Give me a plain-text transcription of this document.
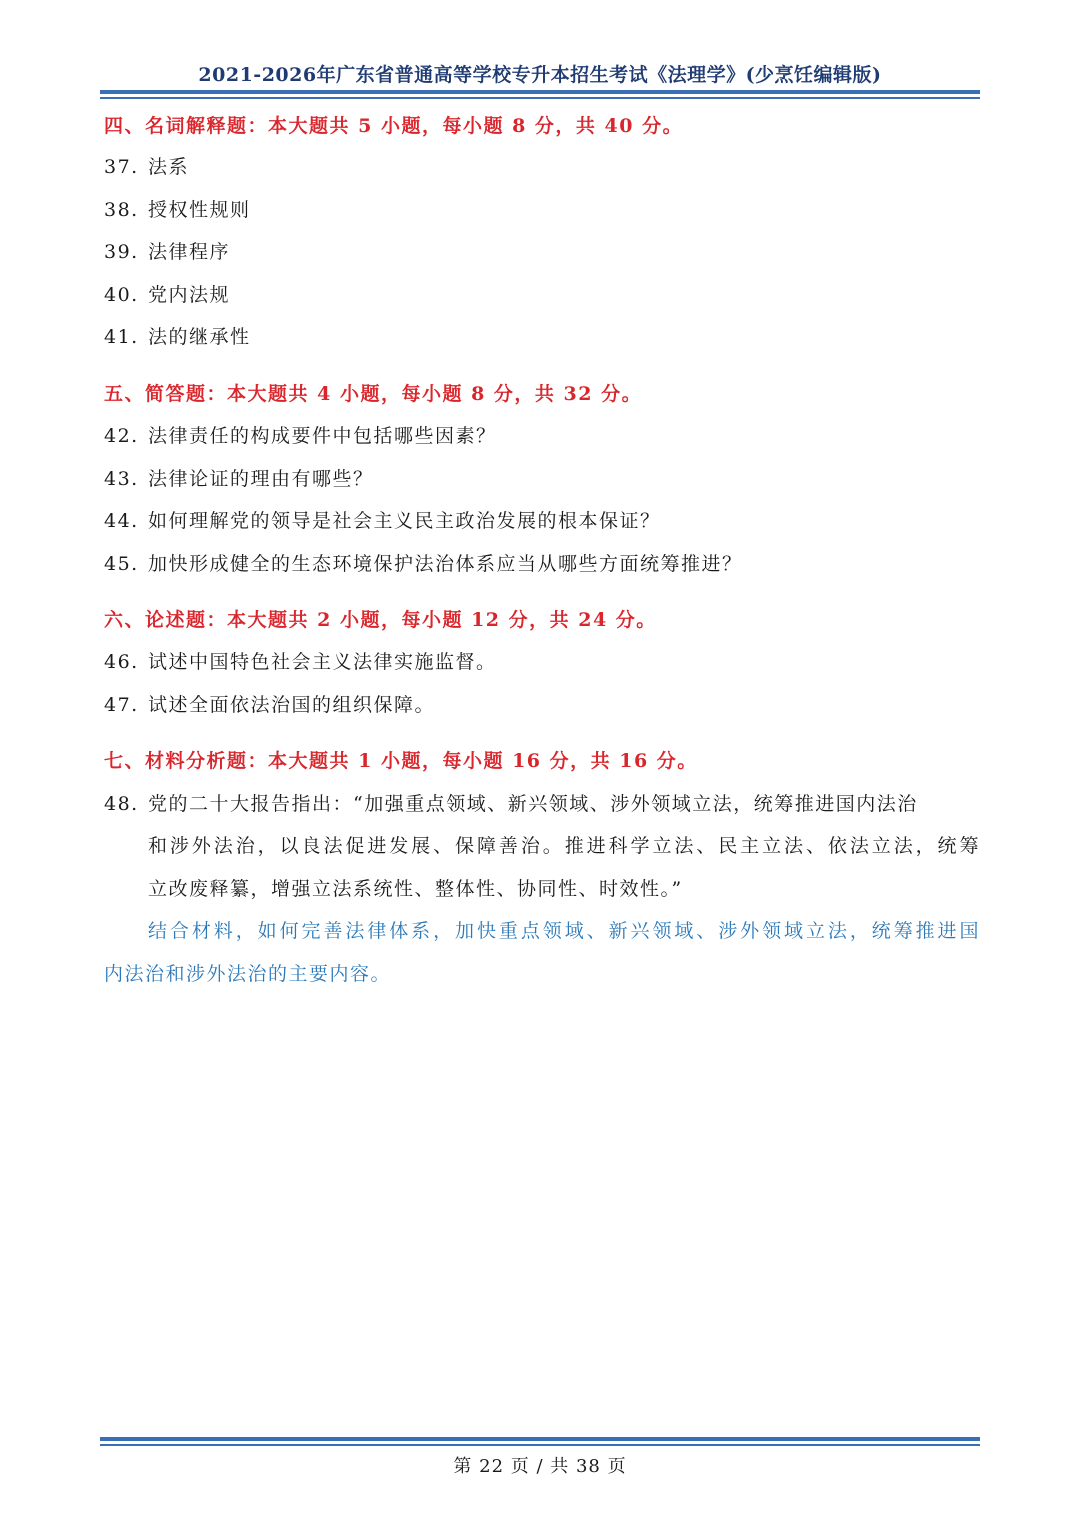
2021-2026年广东省普通高等学校专升本招生考试《法理学》(少烹饪编辑版)
四、名词解释题：本大题共 5 小题，每小题 8 分，共 40 分。
37. 法系
38. 授权性规则
39. 法律程序
40. 党内法规
41. 法的继承性
五、简答题：本大题共 4 小题，每小题 8 分，共 32 分。
42. 法律责任的构成要件中包括哪些因素？
43. 法律论证的理由有哪些？
44. 如何理解党的领导是社会主义民主政治发展的根本保证？
45. 加快形成健全的生态环境保护法治体系应当从哪些方面统筹推进？
六、论述题：本大题共 2 小题，每小题 12 分，共 24 分。
46. 试述中国特色社会主义法律实施监督。
47. 试述全面依法治国的组织保障。
七、材料分析题：本大题共 1 小题，每小题 16 分，共 16 分。
48. 党的二十大报告指出：“加强重点领域、新兴领域、涉外领域立法，统筹推进国内法治
和涉外法治，以良法促进发展、保障善治。推进科学立法、民主立法、依法立法，统筹
立改废释纂，增强立法系统性、整体性、协同性、时效性。”
结合材料，如何完善法律体系，加快重点领域、新兴领域、涉外领域立法，统筹推进国
内法治和涉外法治的主要内容。
第 22 页 / 共 38 页
